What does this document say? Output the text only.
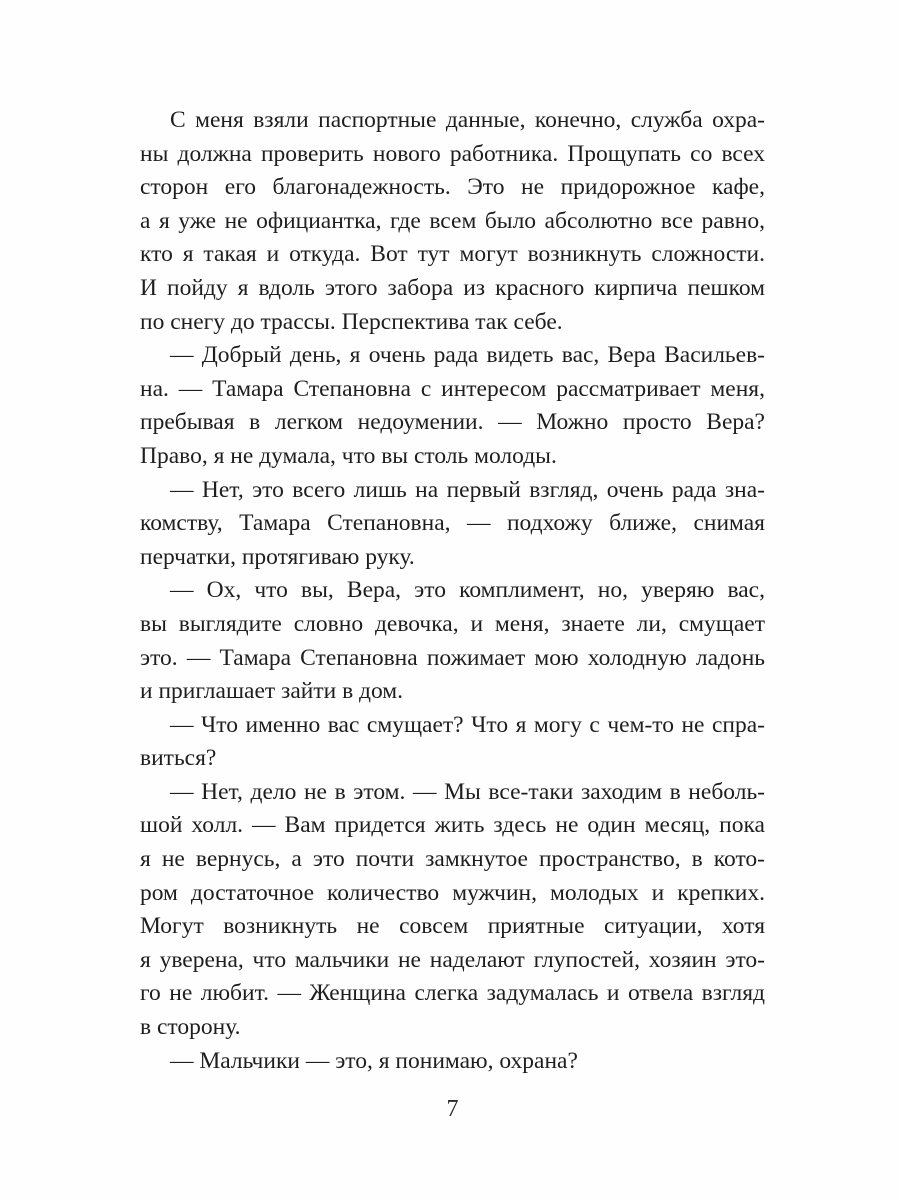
С меня взяли паспортные данные, конечно, служба охра-
ны должна проверить нового работника. Прощупать со всех
сторон его благонадежность. Это не придорожное кафе,
а я уже не официантка, где всем было абсолютно все равно,
кто я такая и откуда. Вот тут могут возникнуть сложности.
И пойду я вдоль этого забора из красного кирпича пешком
по снегу до трассы. Перспектива так себе.
— Добрый день, я очень рада видеть вас, Вера Васильев-
на. — Тамара Степановна с интересом рассматривает меня,
пребывая в легком недоумении. — Можно просто Вера?
Право, я не думала, что вы столь молоды.
— Нет, это всего лишь на первый взгляд, очень рада зна-
комству, Тамара Степановна, — подхожу ближе, снимая
перчатки, протягиваю руку.
— Ох, что вы, Вера, это комплимент, но, уверяю вас,
вы выглядите словно девочка, и меня, знаете ли, смущает
это. — Тамара Степановна пожимает мою холодную ладонь
и приглашает зайти в дом.
— Что именно вас смущает? Что я могу с чем-то не спра-
виться?
— Нет, дело не в этом. — Мы все-таки заходим в неболь-
шой холл. — Вам придется жить здесь не один месяц, пока
я не вернусь, а это почти замкнутое пространство, в кото-
ром достаточное количество мужчин, молодых и крепких.
Могут возникнуть не совсем приятные ситуации, хотя
я уверена, что мальчики не наделают глупостей, хозяин это-
го не любит. — Женщина слегка задумалась и отвела взгляд
в сторону.
— Мальчики — это, я понимаю, охрана?
7
